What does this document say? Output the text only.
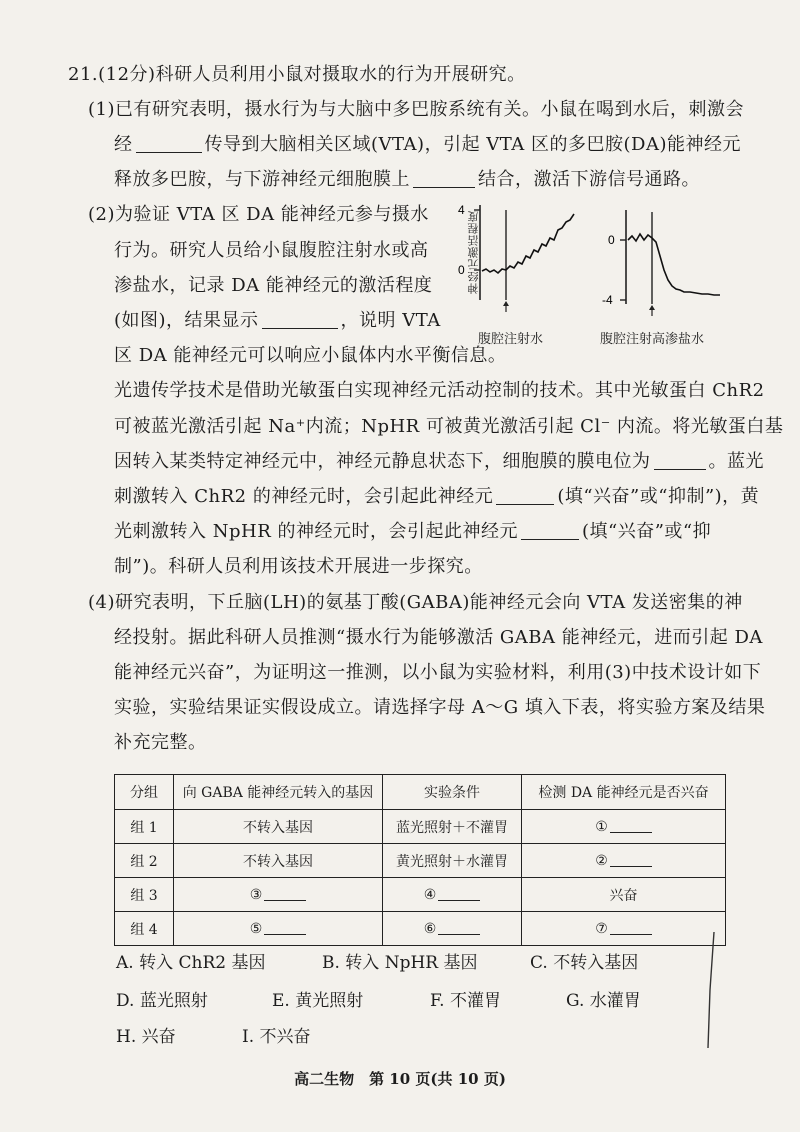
21.(12分)科研人员利用小鼠对摄取水的行为开展研究。
(1)已有研究表明，摄水行为与大脑中多巴胺系统有关。小鼠在喝到水后，刺激会
经	传导到大脑相关区域(VTA)，引起 VTA 区的多巴胺(DA)能神经元
释放多巴胺，与下游神经元细胞膜上	结合，激活下游信号通路。
(2)为验证 VTA 区 DA 能神经元参与摄水
行为。研究人员给小鼠腹腔注射水或高
渗盐水，记录 DA 能神经元的激活程度
(如图)，结果显示	，说明 VTA
区 DA 能神经元可以响应小鼠体内水平衡信息。
4
0 神经元激活程度
腹腔注射水
0
-4
腹腔注射高渗盐水
光遗传学技术是借助光敏蛋白实现神经元活动控制的技术。其中光敏蛋白 ChR2
可被蓝光激活引起 Na⁺内流；NpHR 可被黄光激活引起 Cl⁻ 内流。将光敏蛋白基
因转入某类特定神经元中，神经元静息状态下，细胞膜的膜电位为	。蓝光
刺激转入 ChR2 的神经元时，会引起此神经元	(填“兴奋”或“抑制”)，黄
光刺激转入 NpHR 的神经元时，会引起此神经元	(填“兴奋”或“抑
制”)。科研人员利用该技术开展进一步探究。
(4)研究表明，下丘脑(LH)的氨基丁酸(GABA)能神经元会向 VTA 发送密集的神
经投射。据此科研人员推测“摄水行为能够激活 GABA 能神经元，进而引起 DA
能神经元兴奋”，为证明这一推测，以小鼠为实验材料，利用(3)中技术设计如下
实验，实验结果证实假设成立。请选择字母 A～G 填入下表，将实验方案及结果
补充完整。
分组	向 GABA 能神经元转入的基因	实验条件	检测 DA 能神经元是否兴奋
组 1	不转入基因	蓝光照射＋不灌胃	①
组 2	不转入基因	黄光照射＋水灌胃	②
组 3	③	④	兴奋
组 4	⑤	⑥	⑦
A. 转入 ChR2 基因	B. 转入 NpHR 基因	C. 不转入基因
D. 蓝光照射	E. 黄光照射	F. 不灌胃	G. 水灌胃
H. 兴奋	I. 不兴奋
高二生物　第 10 页(共 10 页)
